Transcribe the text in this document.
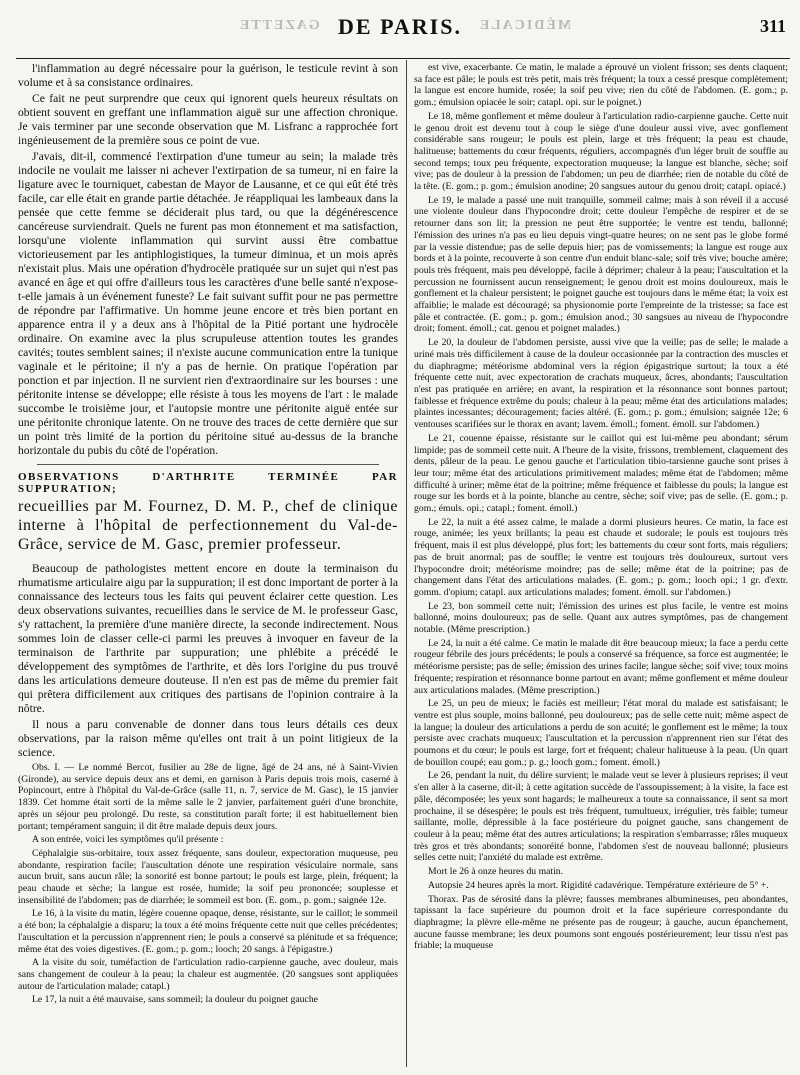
GAZETTE	MÉDICALE
DE PARIS.	311

l'inflammation au degré nécessaire pour la guérison, le testicule revint à son volume et à sa consistance ordinaires.

Ce fait ne peut surprendre que ceux qui ignorent quels heureux résultats on obtient souvent en greffant une inflammation aiguë sur une affection chronique. Je vais terminer par une seconde observation que M. Lisfranc a rapprochée fort ingénieusement de la première sous ce point de vue.

J'avais, dit-il, commencé l'extirpation d'une tumeur au sein; la malade très indocile ne voulait me laisser ni achever l'extirpation de sa tumeur, ni en faire la ligature avec le tourniquet, cabestan de Mayor de Lausanne, et ce qui eût été très facile, car elle était en grande partie détachée. Je réappliquai les lambeaux dans la pensée que cette femme se déciderait plus tard, ou que la dégénérescence cancéreuse surviendrait. Quels ne furent pas mon étonnement et ma satisfaction, lorsqu'une violente inflammation qui survint aussi être combattue victorieusement par les antiphlogistiques, la tumeur diminua, et un mois après n'existait plus. Mais une opération d'hydrocèle pratiquée sur un sujet qui n'est pas avancé en âge et qui offre d'ailleurs tous les caractères d'une belle santé n'expose-t-elle jamais à un événement funeste? Le fait suivant suffit pour ne pas permettre de répondre par l'affirmative. Un homme jeune encore et très bien portant en apparence entra il y a deux ans à l'hôpital de la Pitié portant une hydrocèle ordinaire. On examine avec la plus scrupuleuse attention toutes les grandes cavités; toutes semblent saines; il n'existe aucune communication entre la tunique vaginale et le péritoine; il n'y a pas de hernie. On pratique l'opération par ponction et par injection. Il ne survient rien d'extraordinaire sur les bourses : une péritonite intense se développe; elle résiste à tous les moyens de l'art : le malade succombe le troisième jour, et l'autopsie montre une péritonite aiguë entée sur une péritonite chronique latente. On ne trouve des traces de cette dernière que sur un point très limité de la portion du péritoine situé au-dessus de la branche horizontale du pubis du côté de l'opération.

OBSERVATIONS D'ARTHRITE TERMINÉE PAR SUPPURATION;

recueillies par M. Fournez, D. M. P., chef de clinique interne à l'hôpital de perfectionnement du Val-de-Grâce, service de M. Gasc, premier professeur.

Beaucoup de pathologistes mettent encore en doute la terminaison du rhumatisme articulaire aigu par la suppuration; il est donc important de porter à la connaissance des lecteurs tous les faits qui peuvent éclairer cette question. Les deux observations suivantes, recueillies dans le service de M. le professeur Gasc, s'y rattachent, la première d'une manière directe, la seconde indirectement. Nous sommes loin de classer celle-ci parmi les preuves à invoquer en faveur de la terminaison de l'arthrite par suppuration; une phlébite a précédé le développement des symptômes de l'arthrite, et dès lors l'origine du pus trouvé dans les articulations demeure douteuse. Il n'en est pas de même du premier fait qui prêtera difficilement aux critiques des partisans de l'opinion contraire à la nôtre.

Il nous a paru convenable de donner dans tous leurs détails ces deux observations, par la raison même qu'elles ont trait à un point litigieux de la science.

Obs. I. — Le nommé Bercot, fusilier au 28e de ligne, âgé de 24 ans, né à Saint-Vivien (Gironde), au service depuis deux ans et demi, en garnison à Paris depuis trois mois, caserné à Popincourt, entre à l'hôpital du Val-de-Grâce (salle 11, n. 7, service de M. Gasc), le 15 janvier 1839. Cet homme était sorti de la même salle le 2 janvier, parfaitement guéri d'une bronchite, après un séjour peu prolongé. Du reste, sa constitution paraît forte; il est habituellement bien portant; tempérament sanguin; il dit être malade depuis deux jours.

A son entrée, voici les symptômes qu'il présente :

Céphalalgie sus-orbitaire, toux assez fréquente, sans douleur, expectoration muqueuse, peu abondante, respiration facile; l'auscultation dénote une respiration vésiculaire normale, sans aucun bruit, sans aucun râle; la sonorité est bonne partout; le pouls est large, plein, fréquent; la peau chaude et sèche; la langue est rosée, humide; la soif peu prononcée; souplesse et insensibilité de l'abdomen; pas de diarrhée; le sommeil est bon. (E. gom., p. gom.; saignée 12e.

Le 16, à la visite du matin, légère couenne opaque, dense, résistante, sur le caillot; le sommeil a été bon; la céphalalgie a disparu; la toux a été moins fréquente cette nuit que celles précédentes; l'auscultation et la percussion n'apprennent rien; le pouls a conservé sa plénitude et sa fréquence; même état des voies digestives. (E. gom.; p. gom.; looch; 20 sangs. à l'épigastre.)

A la visite du soir, tuméfaction de l'articulation radio-carpienne gauche, avec douleur, mais sans changement de couleur à la peau; la chaleur est augmentée. (20 sangsues sont appliquées autour de l'articulation malade; catapl.)

Le 17, la nuit a été mauvaise, sans sommeil; la douleur du poignet gauche

est vive, exacerbante. Ce matin, le malade a éprouvé un violent frisson; ses dents claquent; sa face est pâle; le pouls est très petit, mais très fréquent; la toux a cessé presque complètement; la langue est encore humide, rosée; la soif peu vive; rien du côté de l'abdomen. (E. gom.; p. gom.; émulsion opiacée le soir; catapl. opi. sur le poignet.)

Le 18, même gonflement et même douleur à l'articulation radio-carpienne gauche. Cette nuit le genou droit est devenu tout à coup le siège d'une douleur aussi vive, avec gonflement considérable sans rougeur; le pouls est plein, large et très fréquent; la peau est chaude, halitueuse; battements du cœur fréquents, réguliers, accompagnés d'un léger bruit de souffle au second temps; toux peu fréquente, expectoration muqueuse; la langue est blanche, sèche; soif vive; pas de douleur à la pression de l'abdomen; un peu de diarrhée; rien de notable du côté de la tête. (E. gom.; p. gom.; émulsion anodine; 20 sangsues autour du genou droit; catapl. opiacé.)

Le 19, le malade a passé une nuit tranquille, sommeil calme; mais à son réveil il a accusé une violente douleur dans l'hypocondre droit; cette douleur l'empêche de respirer et de se retourner dans son lit; la pression ne peut être supportée; le ventre est tendu, ballonné; l'émission des urines n'a pas eu lieu depuis vingt-quatre heures; on ne sent pas le globe formé par la vessie distendue; pas de selle depuis hier; pas de vomissements; la langue est rouge aux bords et à la pointe, recouverte à son centre d'un enduit blanc-sale; soif très vive; bouche amère; pouls très fréquent, mais peu développé, facile à déprimer; chaleur à la peau; l'auscultation et la percussion ne fournissent aucun renseignement; le genou droit est moins douloureux, mais le gonflement et la chaleur persistent; le poignet gauche est toujours dans le même état; la voix est affaiblie; le malade est découragé; sa physionomie porte l'empreinte de la tristesse; sa face est pâle et contractée. (E. gom.; p. gom.; émulsion anod.; 30 sangsues au niveau de l'hypocondre droit; foment. émoll.; cat. genou et poignet malades.)

Le 20, la douleur de l'abdomen persiste, aussi vive que la veille; pas de selle; le malade a uriné mais très difficilement à cause de la douleur occasionnée par la contraction des muscles et du diaphragme; météorisme abdominal vers la région épigastrique surtout; la toux a été fréquente cette nuit, avec expectoration de crachats muqueux, âcres, abondants; l'auscultation n'est pas pratiquée en arrière; en avant, la respiration et la résonnance sont bonnes partout; faiblesse et fréquence extrême du pouls; chaleur à la peau; même état des articulations malades; plaintes incessantes; découragement; facies altéré. (E. gom.; p. gom.; émulsion; saignée 12e; 6 ventouses scarifiées sur le thorax en avant; lavem. émoll.; foment. émoll. sur l'abdomen.)

Le 21, couenne épaisse, résistante sur le caillot qui est lui-même peu abondant; sérum limpide; pas de sommeil cette nuit. A l'heure de la visite, frissons, tremblement, claquement des dents, pâleur de la peau. Le genou gauche et l'articulation tibio-tarsienne gauche sont prises à leur tour; même état des articulations primitivement malades; même état de l'abdomen; même difficulté à uriner; même état de la poitrine; même fréquence et faiblesse du pouls; la langue est rouge sur les bords et à la pointe, blanche au centre, sèche; soif vive; pas de selle. (E. gom.; p. gom.; émuls. opi.; catapl.; foment. émoll.)

Le 22, la nuit a été assez calme, le malade a dormi plusieurs heures. Ce matin, la face est rouge, animée; les yeux brillants; la peau est chaude et sudorale; le pouls est toujours très fréquent, mais il est plus développé, plus fort; les battements du cœur sont forts, mais réguliers; pas de bruit anormal; pas de souffle; le ventre est toujours très douloureux, surtout vers l'hypocondre droit; météorisme moindre; pas de selle; même état de la poitrine; pas de changement dans l'état des articulations malades. (E. gom.; p. gom.; looch opi.; 1 gr. d'extr. gomm. d'opium; catapl. aux articulations malades; foment. émoll. sur l'abdomen.)

Le 23, bon sommeil cette nuit; l'émission des urines est plus facile, le ventre est moins ballonné, moins douloureux; pas de selle. Quant aux autres symptômes, pas de changement notable. (Même prescription.)

Le 24, la nuit a été calme. Ce matin le malade dit être beaucoup mieux; la face a perdu cette rougeur fébrile des jours précédents; le pouls a conservé sa fréquence, sa force est augmentée; le météorisme persiste; pas de selle; émission des urines facile; langue sèche; soif vive; toux moins fréquente; respiration et résonnance bonne partout en avant; même gonflement et même douleur aux articulations malades. (Même prescription.)

Le 25, un peu de mieux; le faciès est meilleur; l'état moral du malade est satisfaisant; le ventre est plus souple, moins ballonné, peu douloureux; pas de selle cette nuit; même aspect de la langue; la douleur des articulations a perdu de son acuité; le gonflement est le même; la toux persiste avec crachats muqueux; l'auscultation et la percussion n'apprennent rien sur l'état des poumons et du cœur; le pouls est large, fort et fréquent; chaleur halitueuse à la peau. (Un quart de bouillon coupé; eau gom.; p. g.; looch gom.; foment. émoll.)

Le 26, pendant la nuit, du délire survient; le malade veut se lever à plusieurs reprises; il veut s'en aller à la caserne, dit-il; à cette agitation succède de l'assoupissement; à la visite, la face est pâle, décomposée; les yeux sont hagards; le malheureux a toute sa connaissance, il sent sa mort prochaine, il se désespère; le pouls est très fréquent, tumultueux, irrégulier, très faible; tumeur saillante, molle, dépressible à la face postérieure du poignet gauche, sans changement de couleur à la peau; même état des autres articulations; la respiration s'embarrasse; râles muqueux très gros et très abondants; sonoréité bonne, l'abdomen s'est de nouveau ballonné; plusieurs selles cette nuit; l'anxiété du malade est extrême.

Mort le 26 à onze heures du matin.

Autopsie 24 heures après la mort. Rigidité cadavérique. Température extérieure de 5° +.

Thorax. Pas de sérosité dans la plèvre; fausses membranes albumineuses, peu abondantes, tapissant la face supérieure du poumon droit et la face supérieure correspondante du diaphragme; la plèvre elle-même ne présente pas de rougeur; à gauche, aucun épanchement, aucune fausse membrane; les deux poumons sont engoués postérieurement; leur tissu n'est pas friable; la muqueuse
